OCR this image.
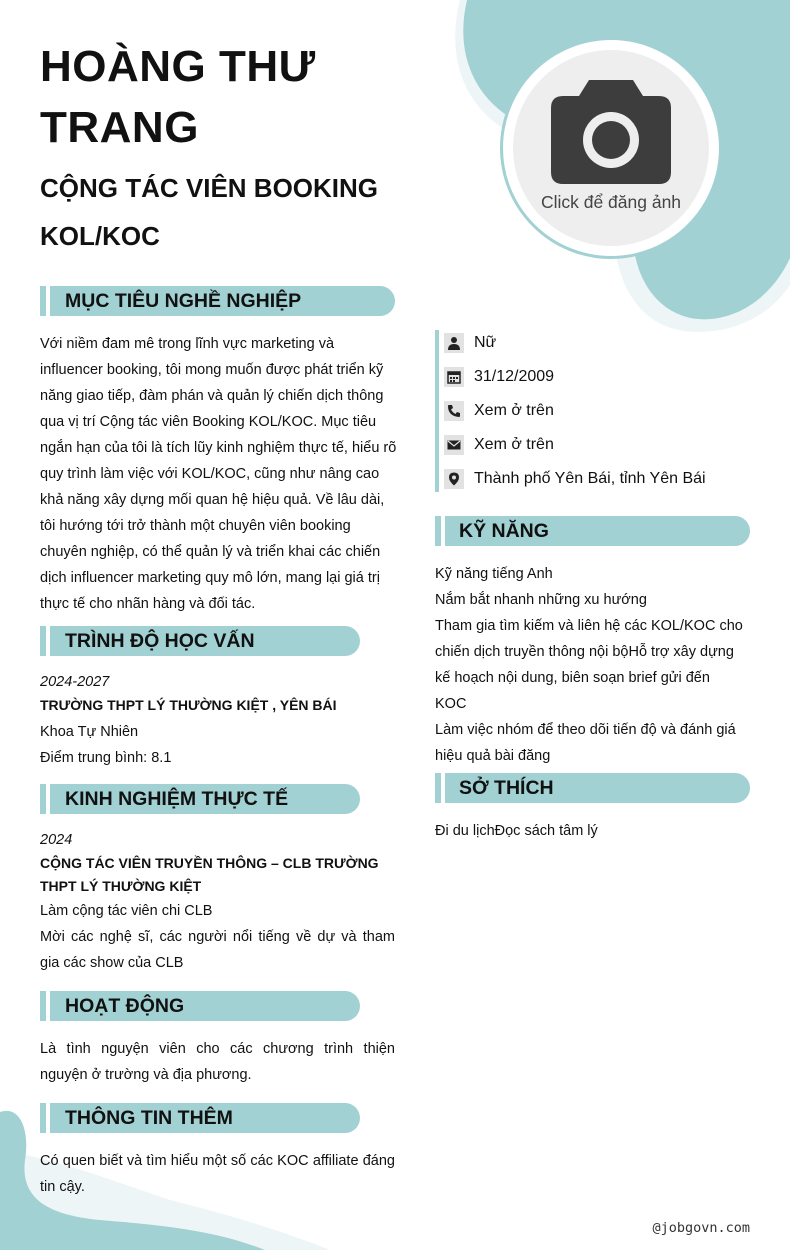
HOÀNG THƯ TRANG
CỘNG TÁC VIÊN BOOKING KOL/KOC
Click để đăng ảnh
MỤC TIÊU NGHỀ NGHIỆP
Với niềm đam mê trong lĩnh vực marketing và influencer booking, tôi mong muốn được phát triển kỹ năng giao tiếp, đàm phán và quản lý chiến dịch thông qua vị trí Cộng tác viên Booking KOL/KOC. Mục tiêu ngắn hạn của tôi là tích lũy kinh nghiệm thực tế, hiểu rõ quy trình làm việc với KOL/KOC, cũng như nâng cao khả năng xây dựng mối quan hệ hiệu quả. Về lâu dài, tôi hướng tới trở thành một chuyên viên booking chuyên nghiệp, có thể quản lý và triển khai các chiến dịch influencer marketing quy mô lớn, mang lại giá trị thực tế cho nhãn hàng và đối tác.
TRÌNH ĐỘ HỌC VẤN
2024-2027
TRƯỜNG THPT LÝ THƯỜNG KIỆT , YÊN BÁI
Khoa Tự Nhiên
Điểm trung bình: 8.1
KINH NGHIỆM THỰC TẾ
2024
CỘNG TÁC VIÊN TRUYỀN THÔNG – CLB TRƯỜNG THPT LÝ THƯỜNG KIỆT
Làm cộng tác viên chi CLB
Mời các nghệ sĩ, các người nổi tiếng về dự và tham gia các show của CLB
HOẠT ĐỘNG
Là tình nguyện viên cho các chương trình thiện nguyện ở trường và địa phương.
THÔNG TIN THÊM
Có quen biết và tìm hiểu một số các KOC affiliate đáng tin cậy.
Nữ
31/12/2009
Xem ở trên
Xem ở trên
Thành phố Yên Bái, tỉnh Yên Bái
KỸ NĂNG
Kỹ năng tiếng Anh
Nắm bắt nhanh những xu hướng
Tham gia tìm kiếm và liên hệ các KOL/KOC cho chiến dịch truyền thông nội bộHỗ trợ xây dựng kế hoạch nội dung, biên soạn brief gửi đến KOC
Làm việc nhóm để theo dõi tiến độ và đánh giá hiệu quả bài đăng
SỞ THÍCH
Đi du lịchĐọc sách tâm lý
@jobgovn.com
